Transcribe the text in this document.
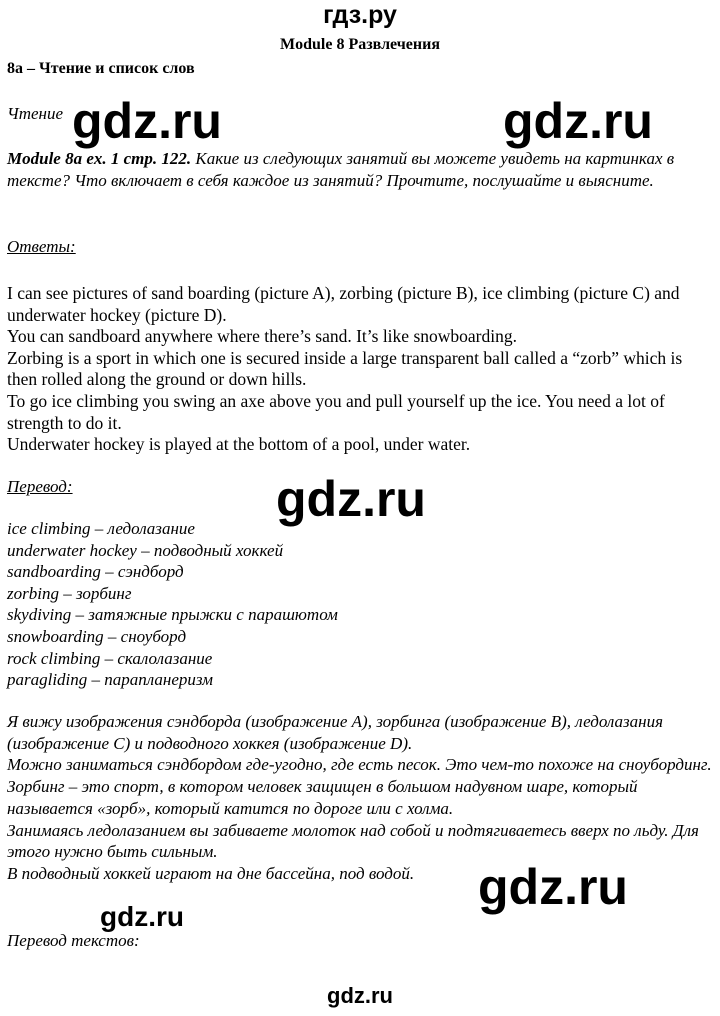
гдз.ру
Module 8 Развлечения
8a – Чтение и список слов
Чтение
Module 8a ex. 1 стр. 122. Какие из следующих занятий вы можете увидеть на картинках в тексте? Что включает в себя каждое из занятий? Прочтите, послушайте и выясните.
Ответы:

I can see pictures of sand boarding (picture A), zorbing (picture B), ice climbing (picture C) and underwater hockey (picture D).

You can sandboard anywhere where there’s sand. It’s like snowboarding.

Zorbing is a sport in which one is secured inside a large transparent ball called a “zorb” which is then rolled along the ground or down hills.

To go ice climbing you swing an axe above you and pull yourself up the ice. You need a lot of strength to do it.

Underwater hockey is played at the bottom of a pool, under water.

Перевод:

ice climbing – ледолазание

underwater hockey – подводный хоккей

sandboarding – сэндборд

zorbing – зорбинг

skydiving – затяжные прыжки с парашютом

snowboarding – сноуборд

rock climbing – скалолазание

paragliding – парапланеризм

Я вижу изображения сэндборда (изображение A), зорбинга (изображение B), ледолазания (изображение C) и подводного хоккея (изображение D).

Можно заниматься сэндбордом где-угодно, где есть песок. Это чем-то похоже на сноубординг.

Зорбинг – это спорт, в котором человек защищен в большом надувном шаре, который называется «зорб», который катится по дороге или с холма.

Занимаясь ледолазанием вы забиваете молоток над собой и подтягиваетесь вверх по льду. Для этого нужно быть сильным.

В подводный хоккей играют на дне бассейна, под водой.

Перевод текстов:
gdz.ru	gdz.ru
gdz.ru
gdz.ru
gdz.ru
gdz.ru
